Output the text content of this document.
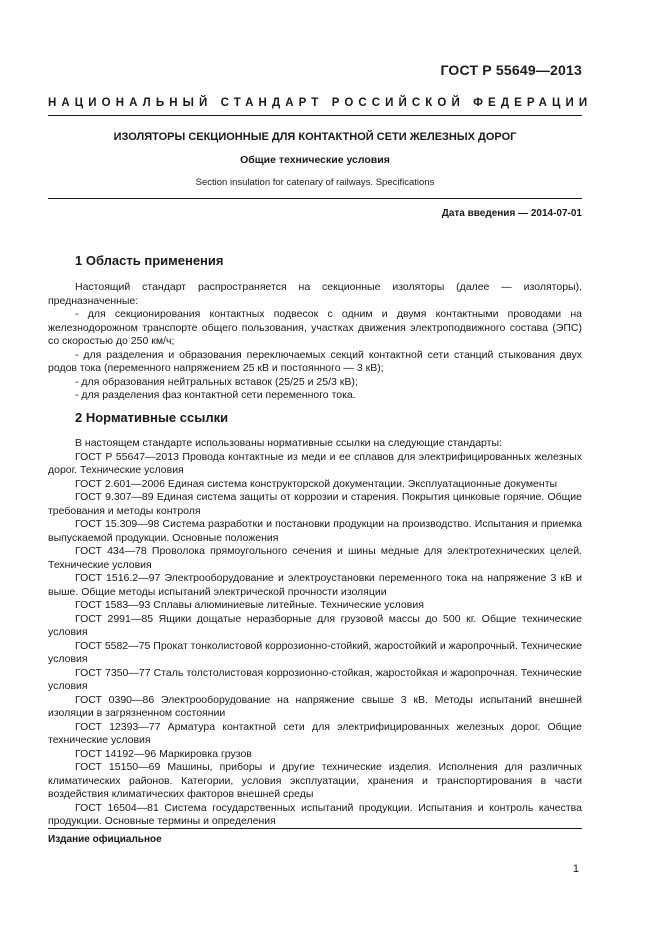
ГОСТ Р 55649—2013
НАЦИОНАЛЬНЫЙ СТАНДАРТ РОССИЙСКОЙ ФЕДЕРАЦИИ
ИЗОЛЯТОРЫ СЕКЦИОННЫЕ ДЛЯ КОНТАКТНОЙ СЕТИ ЖЕЛЕЗНЫХ ДОРОГ
Общие технические условия
Section insulation for catenary of railways. Specifications
Дата введения — 2014-07-01
1 Область применения

Настоящий стандарт распространяется на секционные изоляторы (далее — изоляторы), предназначенные:

- для секционирования контактных подвесок с одним и двумя контактными проводами на железнодорожном транспорте общего пользования, участках движения электроподвижного состава (ЭПС) со скоростью до 250 км/ч;

- для разделения и образования переключаемых секций контактной сети станций стыкования двух родов тока (переменного напряжением 25 кВ и постоянного — 3 кВ);

- для образования нейтральных вставок (25/25 и 25/3 кВ);

- для разделения фаз контактной сети переменного тока.

2 Нормативные ссылки

В настоящем стандарте использованы нормативные ссылки на следующие стандарты:

ГОСТ Р 55647—2013 Провода контактные из меди и ее сплавов для электрифицированных железных дорог. Технические условия

ГОСТ 2.601—2006 Единая система конструкторской документации. Эксплуатационные документы

ГОСТ 9.307—89 Единая система защиты от коррозии и старения. Покрытия цинковые горячие. Общие требования и методы контроля

ГОСТ 15.309—98 Система разработки и постановки продукции на производство. Испытания и приемка выпускаемой продукции. Основные положения

ГОСТ 434—78 Проволока прямоугольного сечения и шины медные для электротехнических целей. Технические условия

ГОСТ 1516.2—97 Электрооборудование и электроустановки переменного тока на напряжение 3 кВ и выше. Общие методы испытаний электрической прочности изоляции

ГОСТ 1583—93 Сплавы алюминиевые литейные. Технические условия

ГОСТ 2991—85 Ящики дощатые неразборные для грузовой массы до 500 кг. Общие технические условия

ГОСТ 5582—75 Прокат тонколистовой коррозионно-стойкий, жаростойкий и жаропрочный. Технические условия

ГОСТ 7350—77 Сталь толстолистовая коррозионно-стойкая, жаростойкая и жаропрочная. Технические условия

ГОСТ 0390—86 Электрооборудование на напряжение свыше 3 кВ. Методы испытаний внешней изоляции в загрязненном состоянии

ГОСТ 12393—77 Арматура контактной сети для электрифицированных железных дорог. Общие технические условия

ГОСТ 14192—96 Маркировка грузов

ГОСТ 15150—69 Машины, приборы и другие технические изделия. Исполнения для различных климатических районов. Категории, условия эксплуатации, хранения и транспортирования в части воздействия климатических факторов внешней среды

ГОСТ 16504—81 Система государственных испытаний продукции. Испытания и контроль качества продукции. Основные термины и определения

Издание официальное
1
